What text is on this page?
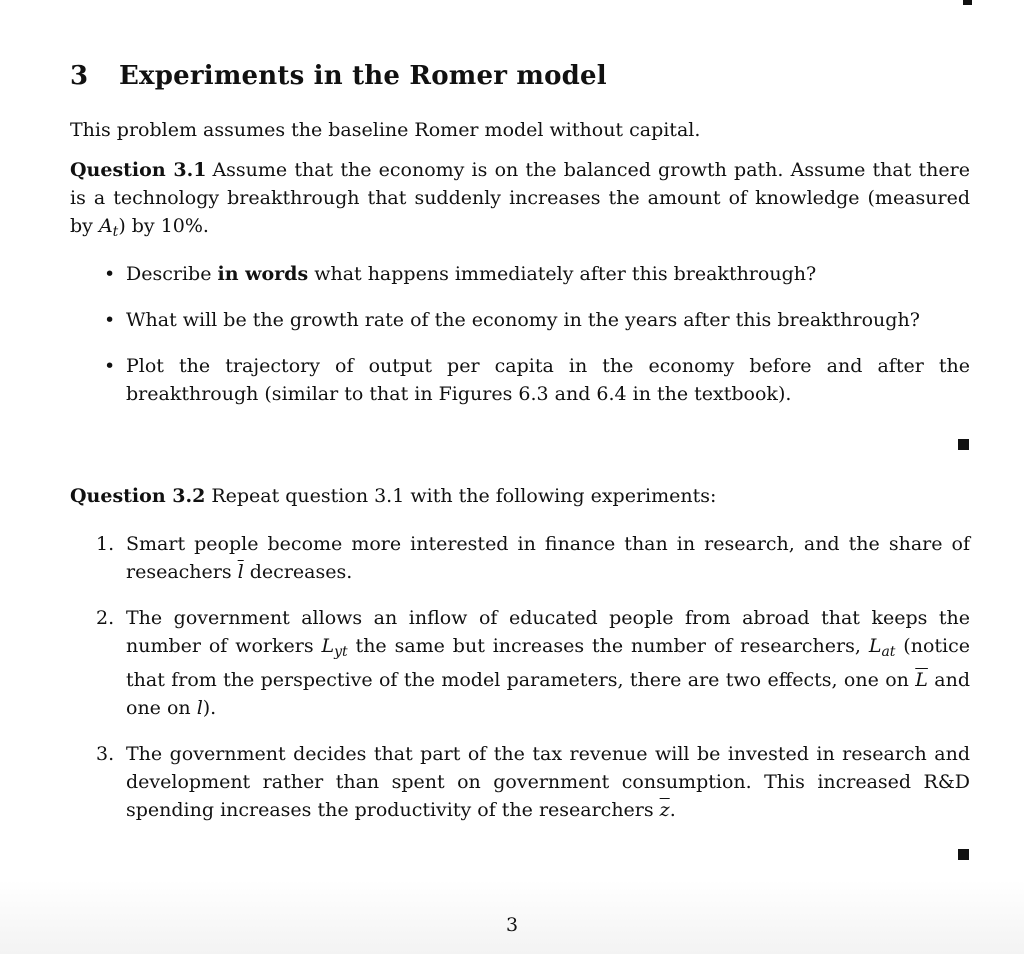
3 Experiments in the Romer model

This problem assumes the baseline Romer model without capital.

Question 3.1 Assume that the economy is on the balanced growth path. Assume that there is a technology breakthrough that suddenly increases the amount of knowledge (measured by $A_t$) by 10%.

• Describe in words what happens immediately after this breakthrough?
• What will be the growth rate of the economy in the years after this breakthrough?
• Plot the trajectory of output per capita in the economy before and after the breakthrough (similar to that in Figures 6.3 and 6.4 in the textbook).

Question 3.2 Repeat question 3.1 with the following experiments:

1. Smart people become more interested in finance than in research, and the share of reseachers $\overline{l}$ decreases.
2. The government allows an inflow of educated people from abroad that keeps the number of workers $L_{yt}$ the same but increases the number of researchers, $L_{at}$ (notice that from the perspective of the model parameters, there are two effects, one on $\overline{L}$ and one on l).
3. The government decides that part of the tax revenue will be invested in research and development rather than spent on government consumption. This increased R&D spending increases the productivity of the researchers $\overline{z}$.
3
